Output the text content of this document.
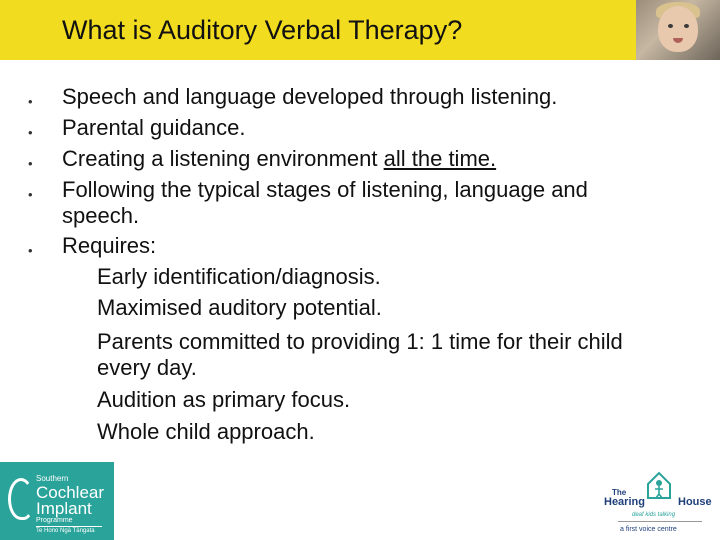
What is Auditory Verbal Therapy?
•
•
•
•
•
Speech and language developed through listening.
Parental guidance.
Creating a listening environment all the time.
Following the typical stages of listening, language and
speech.
Requires:
Early identification/diagnosis.
Maximised auditory potential.
Parents committed to providing 1: 1 time for their child
every day.
Audition as primary focus.
Whole child approach.
Southern
Cochlear
Implant
Programme
Te Hono Ngā Tāngata
The
Hearing	House
deaf kids talking
a first voice centre
